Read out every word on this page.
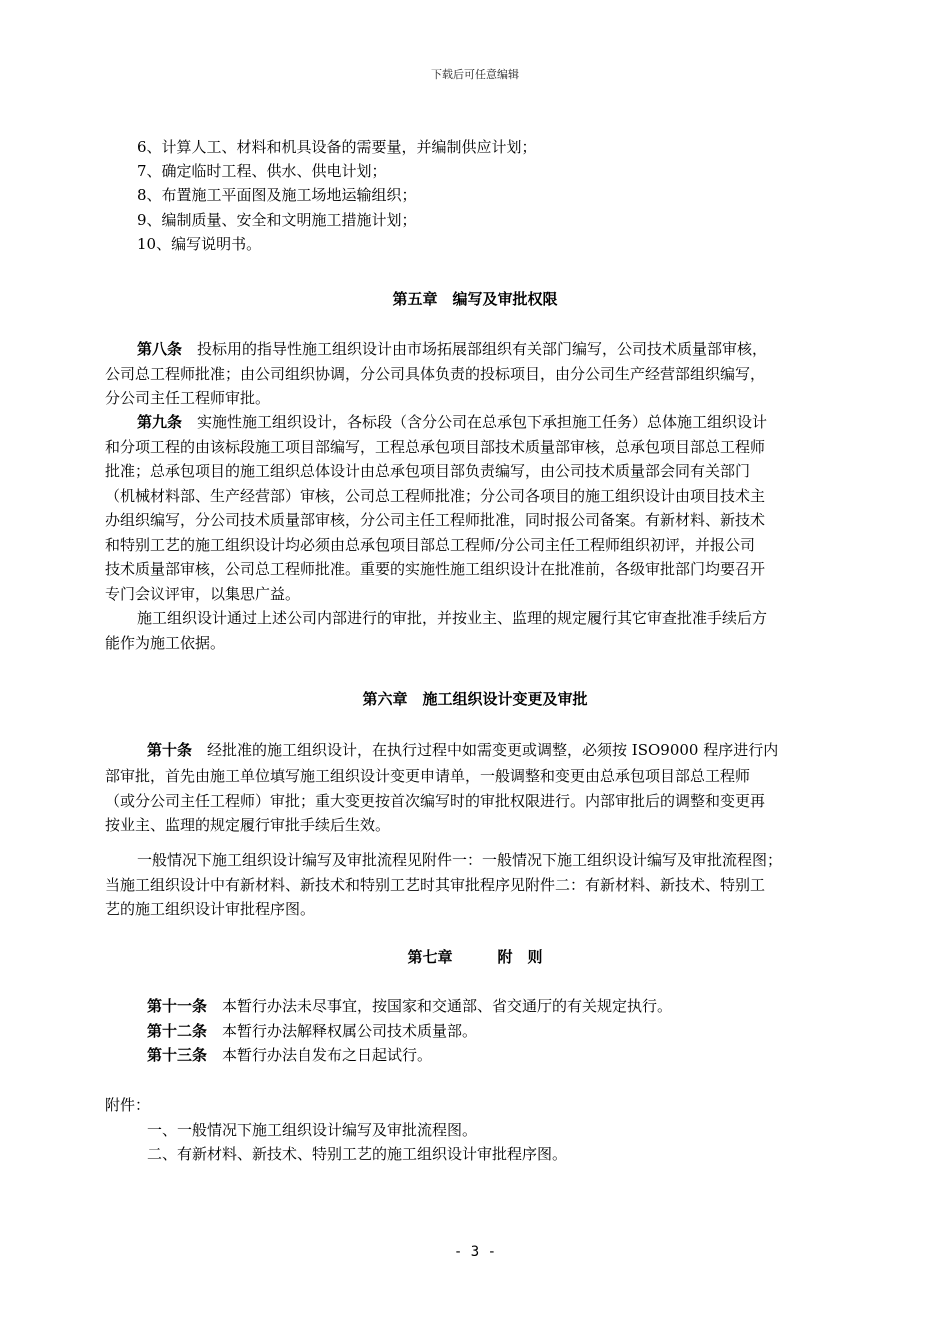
下载后可任意编辑
6、计算人工、材料和机具设备的需要量，并编制供应计划；
7、确定临时工程、供水、供电计划；
8、布置施工平面图及施工场地运输组织；
9、编制质量、安全和文明施工措施计划；
10、编写说明书。
第五章　编写及审批权限
第八条　 投标用的指导性施工组织设计由市场拓展部组织有关部门编写，公司技术质量部审核，
公司总工程师批准；由公司组织协调，分公司具体负责的投标项目，由分公司生产经营部组织编写，
分公司主任工程师审批。
第九条　 实施性施工组织设计，各标段（含分公司在总承包下承担施工任务）总体施工组织设计
和分项工程的由该标段施工项目部编写，工程总承包项目部技术质量部审核，总承包项目部总工程师
批准；总承包项目的施工组织总体设计由总承包项目部负责编写，由公司技术质量部会同有关部门
（机械材料部、生产经营部）审核，公司总工程师批准；分公司各项目的施工组织设计由项目技术主
办组织编写，分公司技术质量部审核，分公司主任工程师批准，同时报公司备案。有新材料、新技术
和特别工艺的施工组织设计均必须由总承包项目部总工程师/分公司主任工程师组织初评，并报公司
技术质量部审核，公司总工程师批准。重要的实施性施工组织设计在批准前，各级审批部门均要召开
专门会议评审，以集思广益。
施工组织设计通过上述公司内部进行的审批，并按业主、监理的规定履行其它审查批准手续后方
能作为施工依据。
第六章　施工组织设计变更及审批
第十条　 经批准的施工组织设计，在执行过程中如需变更或调整，必须按 ISO9000 程序进行内
部审批，首先由施工单位填写施工组织设计变更申请单，一般调整和变更由总承包项目部总工程师
（或分公司主任工程师）审批；重大变更按首次编写时的审批权限进行。内部审批后的调整和变更再
按业主、监理的规定履行审批手续后生效。
一般情况下施工组织设计编写及审批流程见附件一：一般情况下施工组织设计编写及审批流程图；
当施工组织设计中有新材料、新技术和特别工艺时其审批程序见附件二：有新材料、新技术、特别工
艺的施工组织设计审批程序图。
第七章　　　附　则
第十一条　 本暂行办法未尽事宜，按国家和交通部、省交通厅的有关规定执行。
第十二条　 本暂行办法解释权属公司技术质量部。
第十三条　 本暂行办法自发布之日起试行。
附件：
一、一般情况下施工组织设计编写及审批流程图。
二、有新材料、新技术、特别工艺的施工组织设计审批程序图。
- 3 -
